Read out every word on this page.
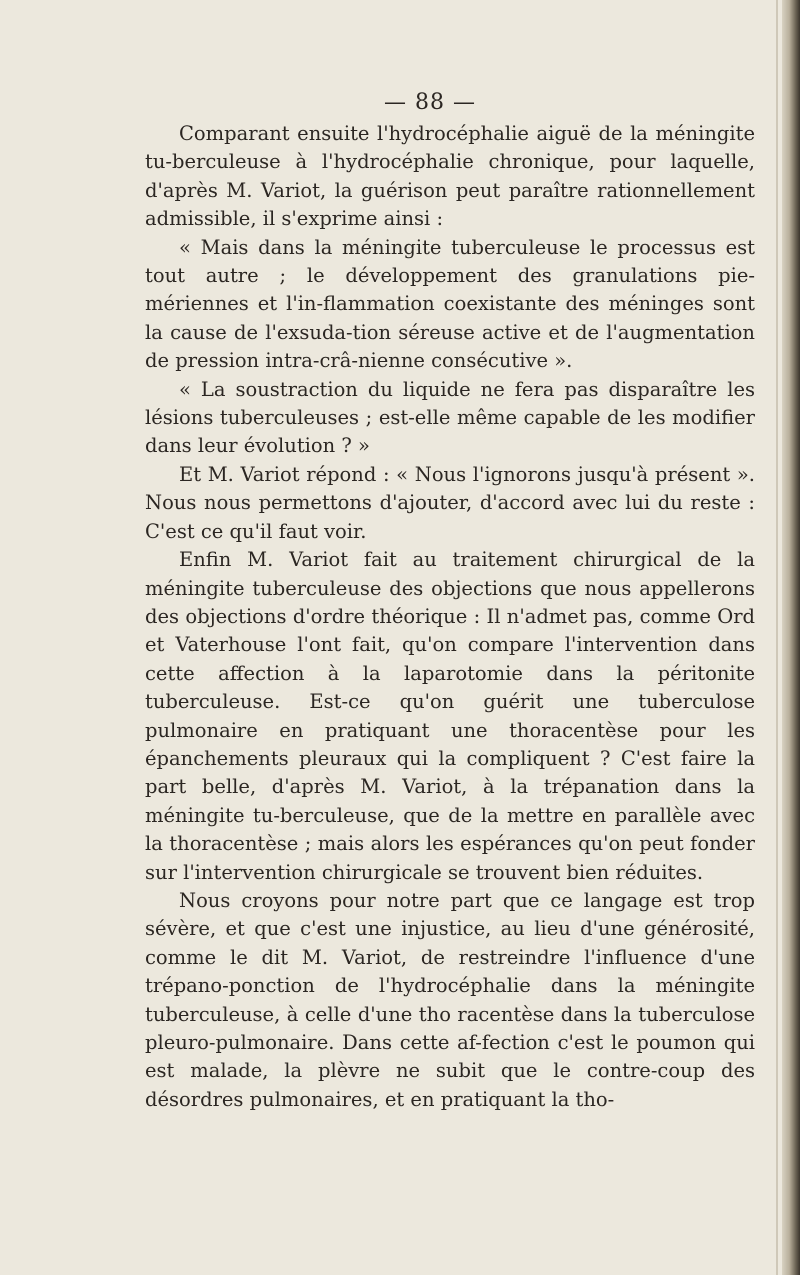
— 88 —

Comparant ensuite l'hydrocéphalie aiguë de la méningite tu-berculeuse à l'hydrocéphalie chronique, pour laquelle, d'après M. Variot, la guérison peut paraître rationnellement admissible, il s'exprime ainsi :

« Mais dans la méningite tuberculeuse le processus est tout autre ; le développement des granulations pie-mériennes et l'in-flammation coexistante des méninges sont la cause de l'exsuda-tion séreuse active et de l'augmentation de pression intra-crâ-nienne consécutive ».

« La soustraction du liquide ne fera pas disparaître les lésions tuberculeuses ; est-elle même capable de les modifier dans leur évolution ? »

Et M. Variot répond : « Nous l'ignorons jusqu'à présent ». Nous nous permettons d'ajouter, d'accord avec lui du reste : C'est ce qu'il faut voir.

Enfin M. Variot fait au traitement chirurgical de la méningite tuberculeuse des objections que nous appellerons des objections d'ordre théorique : Il n'admet pas, comme Ord et Vaterhouse l'ont fait, qu'on compare l'intervention dans cette affection à la laparotomie dans la péritonite tuberculeuse. Est-ce qu'on guérit une tuberculose pulmonaire en pratiquant une thoracentèse pour les épanchements pleuraux qui la compliquent ? C'est faire la part belle, d'après M. Variot, à la trépanation dans la méningite tu-berculeuse, que de la mettre en parallèle avec la thoracentèse ; mais alors les espérances qu'on peut fonder sur l'intervention chirurgicale se trouvent bien réduites.

Nous croyons pour notre part que ce langage est trop sévère, et que c'est une injustice, au lieu d'une générosité, comme le dit M. Variot, de restreindre l'influence d'une trépano-ponction de l'hydrocéphalie dans la méningite tuberculeuse, à celle d'une tho racentèse dans la tuberculose pleuro-pulmonaire. Dans cette af-fection c'est le poumon qui est malade, la plèvre ne subit que le contre-coup des désordres pulmonaires, et en pratiquant la tho-
